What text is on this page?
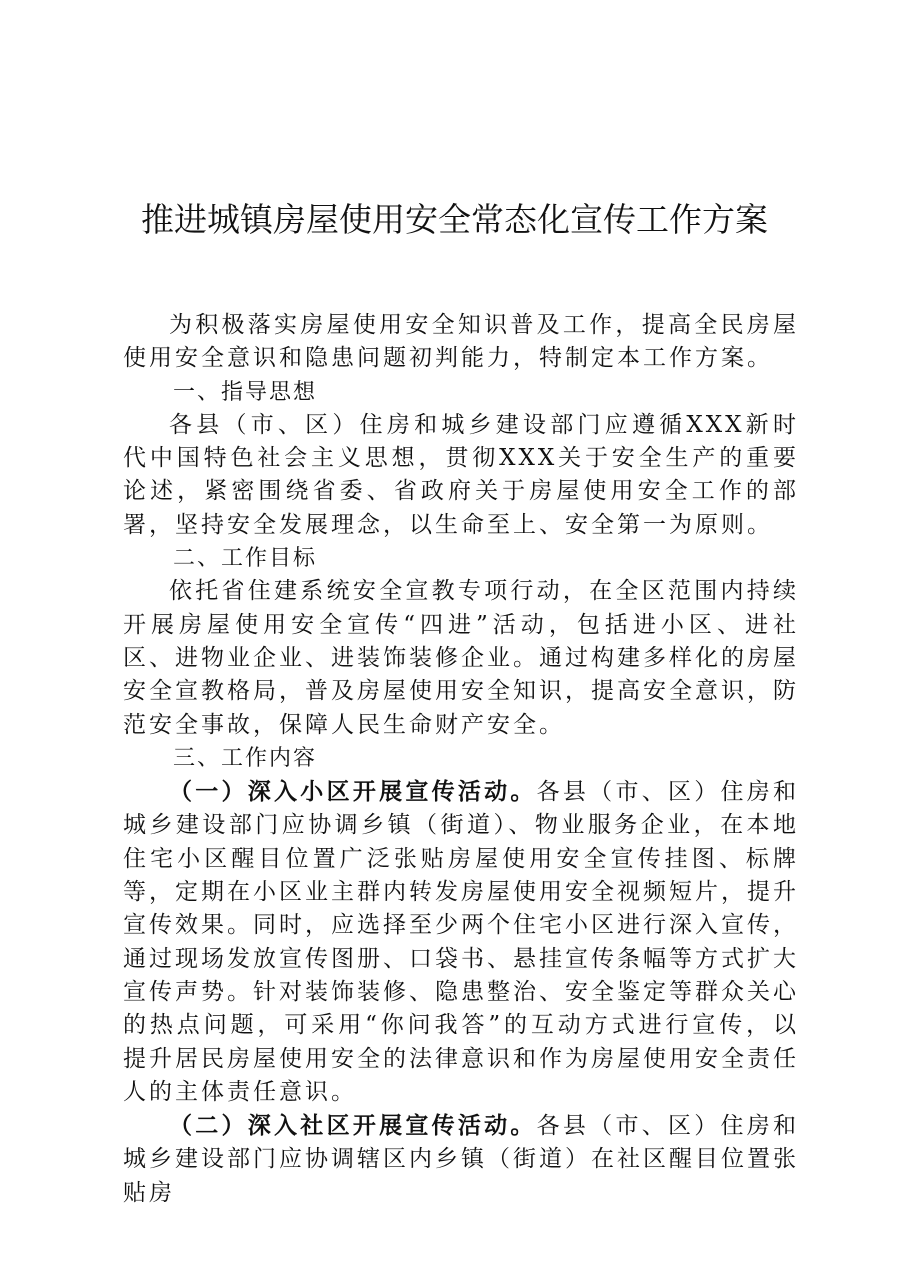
推进城镇房屋使用安全常态化宣传工作方案

为积极落实房屋使用安全知识普及工作，提高全民房屋使用安全意识和隐患问题初判能力，特制定本工作方案。

一、指导思想

各县（市、区）住房和城乡建设部门应遵循XXX新时代中国特色社会主义思想，贯彻XXX关于安全生产的重要论述，紧密围绕省委、省政府关于房屋使用安全工作的部署，坚持安全发展理念，以生命至上、安全第一为原则。

二、工作目标

依托省住建系统安全宣教专项行动，在全区范围内持续开展房屋使用安全宣传“四进”活动，包括进小区、进社区、进物业企业、进装饰装修企业。通过构建多样化的房屋安全宣教格局，普及房屋使用安全知识，提高安全意识，防范安全事故，保障人民生命财产安全。

三、工作内容

（一）深入小区开展宣传活动。各县（市、区）住房和城乡建设部门应协调乡镇（街道）、物业服务企业，在本地住宅小区醒目位置广泛张贴房屋使用安全宣传挂图、标牌等，定期在小区业主群内转发房屋使用安全视频短片，提升宣传效果。同时，应选择至少两个住宅小区进行深入宣传，通过现场发放宣传图册、口袋书、悬挂宣传条幅等方式扩大宣传声势。针对装饰装修、隐患整治、安全鉴定等群众关心的热点问题，可采用“你问我答”的互动方式进行宣传，以提升居民房屋使用安全的法律意识和作为房屋使用安全责任人的主体责任意识。

（二）深入社区开展宣传活动。各县（市、区）住房和城乡建设部门应协调辖区内乡镇（街道）在社区醒目位置张贴房
